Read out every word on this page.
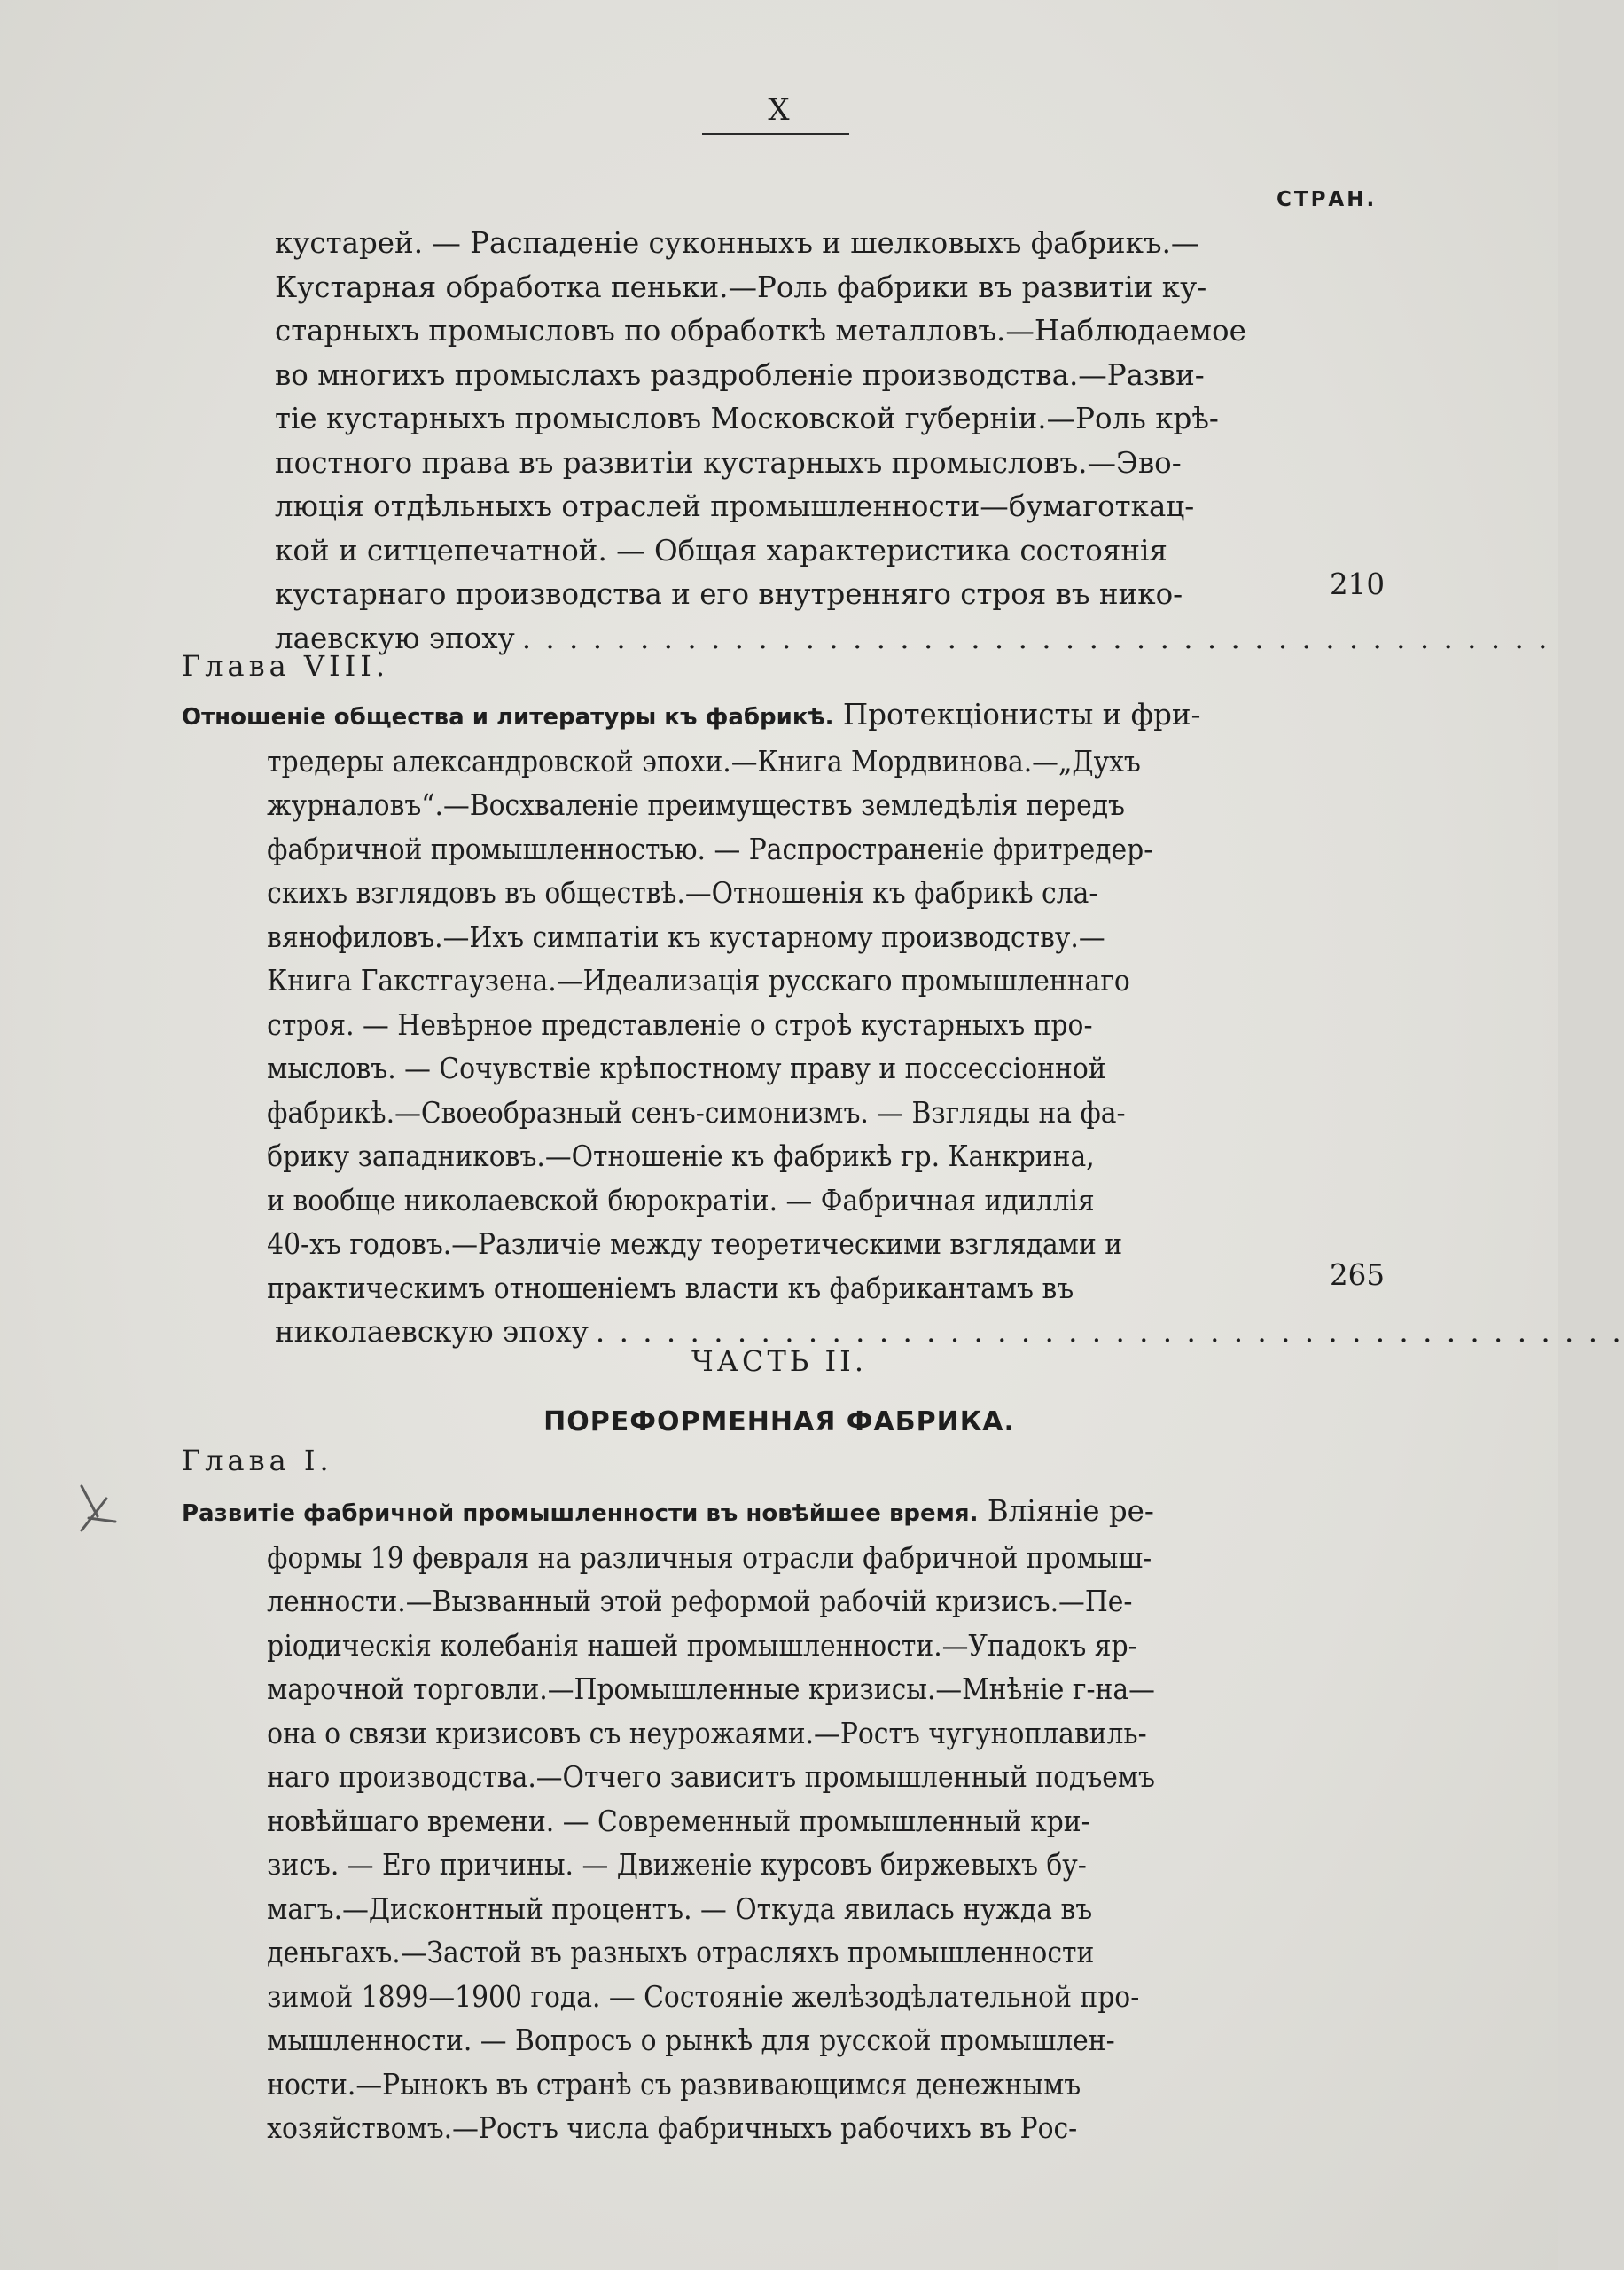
X
СТРАН.
кустарей. — Распаденіе суконныхъ и шелковыхъ фабрикъ.—
Кустарная обработка пеньки.—Роль фабрики въ развитіи ку-
старныхъ промысловъ по обработкѣ металловъ.—Наблюдаемое
во многихъ промыслахъ раздробленіе производства.—Разви-
тіе кустарныхъ промысловъ Московской губерніи.—Роль крѣ-
постного права въ развитіи кустарныхъ промысловъ.—Эво-
люція отдѣльныхъ отраслей промышленности—бумаготкац-
кой и ситцепечатной. — Общая характеристика состоянія
кустарнаго производства и его внутренняго строя въ нико-
лаевскую эпоху . . . . . . . . . . . . . . . . . . . . . . . . . . . . . . . . . . . . . . . . . . . .
210
Глава VIII.
Отношеніе общества и литературы къ фабрикѣ. Протекціонисты и фри-
тредеры александровской эпохи.—Книга Мордвинова.—„Духъ
журналовъ“.—Восхваленіе преимуществъ земледѣлія передъ
фабричной промышленностью. — Распространеніе фритредер-
скихъ взглядовъ въ обществѣ.—Отношенія къ фабрикѣ сла-
вянофиловъ.—Ихъ симпатіи къ кустарному производству.—
Книга Гакстгаузена.—Идеализація русскаго промышленнаго
строя. — Невѣрное представленіе о строѣ кустарныхъ про-
мысловъ. — Сочувствіе крѣпостному праву и поссессіонной
фабрикѣ.—Своеобразный сенъ-симонизмъ. — Взгляды на фа-
брику западниковъ.—Отношеніе къ фабрикѣ гр. Канкрина,
и вообще николаевской бюрократіи. — Фабричная идиллія
40-хъ годовъ.—Различіе между теоретическими взглядами и
практическимъ отношеніемъ власти къ фабрикантамъ въ
николаевскую эпоху . . . . . . . . . . . . . . . . . . . . . . . . . . . . . . . . . . . . . . . . . . . .
265
ЧАСТЬ II.
ПОРЕФОРМЕННАЯ ФАБРИКА.
Глава I.
Развитіе фабричной промышленности въ новѣйшее время. Вліяніе ре-
формы 19 февраля на различныя отрасли фабричной промыш-
ленности.—Вызванный этой реформой рабочій кризисъ.—Пе-
ріодическія колебанія нашей промышленности.—Упадокъ яр-
марочной торговли.—Промышленные кризисы.—Мнѣніе г-на—
она о связи кризисовъ съ неурожаями.—Ростъ чугуноплавиль-
наго производства.—Отчего зависитъ промышленный подъемъ
новѣйшаго времени. — Современный промышленный кри-
зисъ. — Его причины. — Движеніе курсовъ биржевыхъ бу-
магъ.—Дисконтный процентъ. — Откуда явилась нужда въ
деньгахъ.—Застой въ разныхъ отрасляхъ промышленности
зимой 1899—1900 года. — Состояніе желѣзодѣлательной про-
мышленности. — Вопросъ о рынкѣ для русской промышлен-
ности.—Рынокъ въ странѣ съ развивающимся денежнымъ
хозяйствомъ.—Ростъ числа фабричныхъ рабочихъ въ Рос-
